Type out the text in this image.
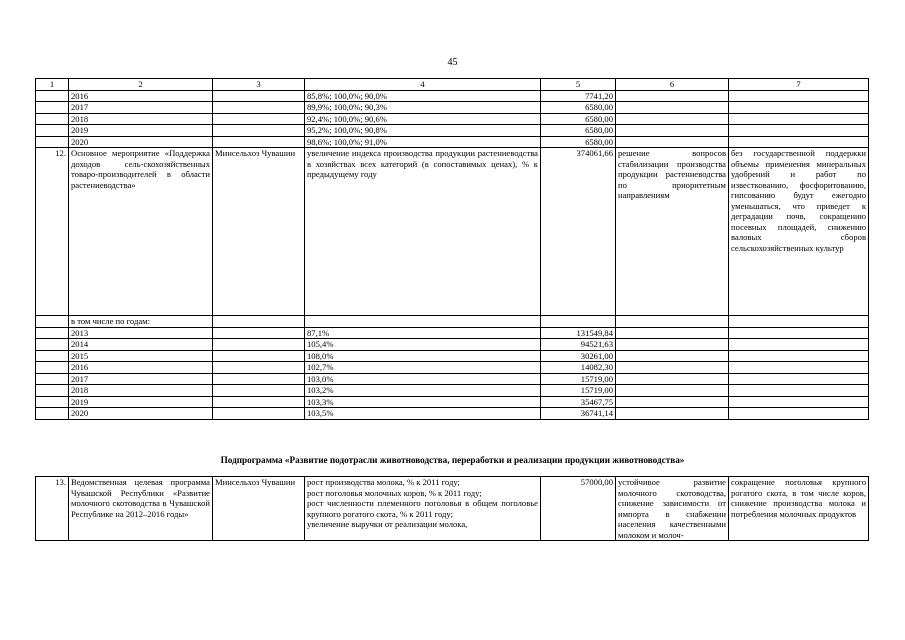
45
1	2	3	4	5	6	7
	2016		85,8%; 100,0%; 90,0%	7741,20		
	2017		89,9%; 100,0%; 90,3%	6580,00		
	2018		92,4%; 100,0%; 90,6%	6580,00		
	2019		95,2%; 100,0%; 90,8%	6580,00		
	2020		98,6%; 100,0%; 91,0%	6580,00		
12.	Основное мероприятие «Поддержка доходов сель-скохозяйственных товаро-производителей в области растениеводства»	Минсельхоз Чувашии	увеличение индекса производства продукции растениеводства в хозяйствах всех категорий (в сопоставимых ценах), % к предыдущему году	374061,66	решение вопросов стабилизации производства продукции растениеводства по приоритетным направлениям	без государственной поддержки объемы применения минеральных удобрений и работ по известкованию, фосфоритованию, гипсованию будут ежегодно уменьшаться, что приведет к деградации почв, сокращению посевных площадей, снижению валовых сборов сельскохозяйственных культур
	в том числе по годам:					
	2013		87,1%	131549,84		
	2014		105,4%	94521,63		
	2015		108,0%	30261,00		
	2016		102,7%	14082,30		
	2017		103,0%	15719,00		
	2018		103,2%	15719,00		
	2019		103,3%	35467,75		
	2020		103,5%	36741,14		
Подпрограмма «Развитие подотрасли животноводства, переработки и реализации продукции животноводства»
13.	Ведомственная целевая программа Чувашской Республики «Развитие молочного скотоводства в Чувашской Республике на 2012–2016 годы»	Минсельхоз Чувашии	рост производства молока, % к 2011 году;
рост поголовья молочных коров, % к 2011 году;
рост численности племенного поголовья в общем поголовье крупного рогатого скота, % к 2011 году;
увеличение выручки от реализации молока,
	57000,00	устойчивое развитие молочного скотоводства, снижение зависимости от импорта в снабжении населения качественными молоком и молоч-	сокращение поголовья крупного рогатого скота, в том числе коров, снижение производства молока и потребления молочных продуктов
